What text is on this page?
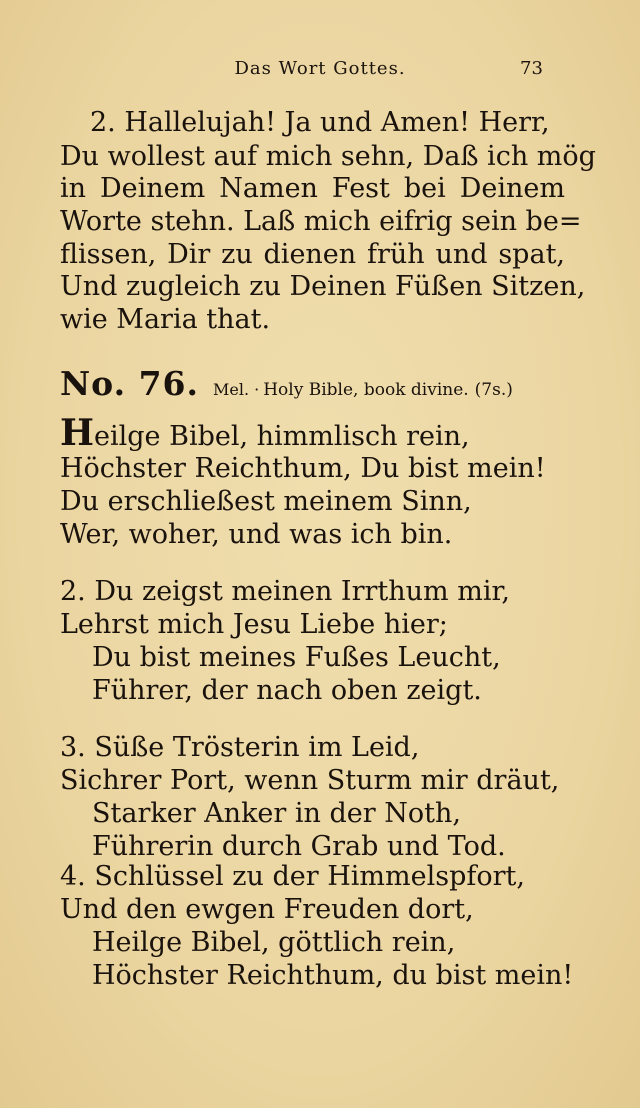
Das Wort Gottes.	73
2. Hallelujah! Ja und Amen! Herr,
Du wollest auf mich sehn, Daß ich mög
in Deinem Namen Fest bei Deinem
Worte stehn. Laß mich eifrig sein be=
flissen, Dir zu dienen früh und spat,
Und zugleich zu Deinen Füßen Sitzen,
wie Maria that.
No. 76. Mel. · Holy Bible, book divine. (7s.)
Heilge Bibel, himmlisch rein,
Höchster Reichthum, Du bist mein!
Du erschließest meinem Sinn,
Wer, woher, und was ich bin.
2. Du zeigst meinen Irrthum mir,
Lehrst mich Jesu Liebe hier;
Du bist meines Fußes Leucht,
Führer, der nach oben zeigt.
3. Süße Trösterin im Leid,
Sichrer Port, wenn Sturm mir dräut,
Starker Anker in der Noth,
Führerin durch Grab und Tod.
4. Schlüssel zu der Himmelspfort,
Und den ewgen Freuden dort,
Heilge Bibel, göttlich rein,
Höchster Reichthum, du bist mein!
